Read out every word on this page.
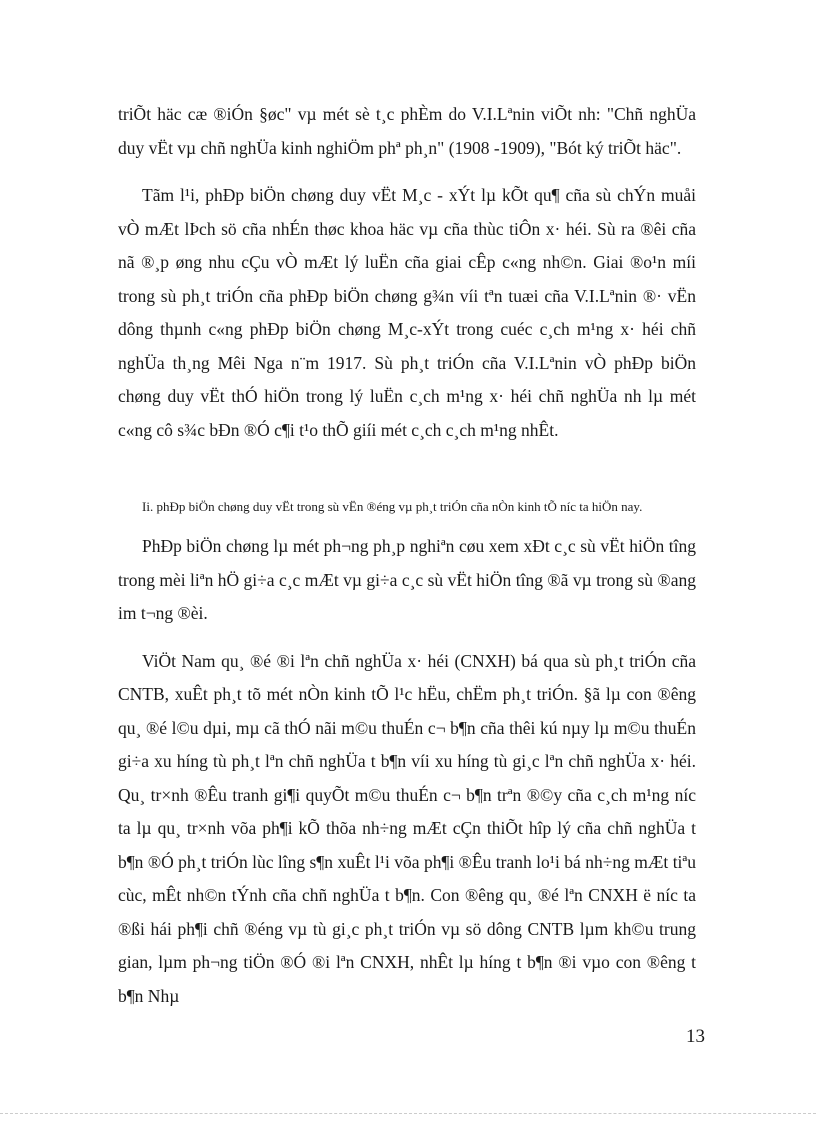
triÕt häc cæ ®iÓn §øc" vµ mét sè t¸c phÈm do V.I.Lªnin viÕt nh: "Chñ nghÜa duy vËt vµ chñ nghÜa kinh nghiÖm phª ph¸n" (1908 -1909), "Bót ký triÕt häc".

Tãm l¹i, phÐp biÖn chøng duy vËt M¸c - xÝt lµ kÕt qu¶ cña sù chÝn muåi vÒ mÆt lÞch sö cña nhÉn thøc khoa häc vµ cña thùc tiÔn x· héi. Sù ra ®êi cña nã ®¸p øng nhu cÇu vÒ mÆt lý luËn cña giai cÊp c«ng nh©n. Giai ®o¹n míi trong sù ph¸t triÓn cña phÐp biÖn chøng g¾n víi tªn tuæi cña V.I.Lªnin ®· vËn dông thµnh c«ng phÐp biÖn chøng M¸c-xÝt trong cuéc c¸ch m¹ng x· héi chñ nghÜa th¸ng Mêi Nga n¨m 1917. Sù ph¸t triÓn cña V.I.Lªnin vÒ phÐp biÖn chøng duy vËt thÓ hiÖn trong lý luËn c¸ch m¹ng x· héi chñ nghÜa nh lµ mét c«ng cô s¾c bÐn ®Ó c¶i t¹o thÕ giíi mét c¸ch c¸ch m¹ng nhÊt.

Ii. phÐp biÖn chøng duy vËt trong sù vËn ®éng vµ ph¸t triÓn cña nÒn kinh tÕ níc ta hiÖn nay.

PhÐp biÖn chøng lµ mét ph¬ng ph¸p nghiªn cøu xem xÐt c¸c sù vËt hiÖn tîng trong mèi liªn hÖ gi÷a c¸c mÆt vµ gi÷a c¸c sù vËt hiÖn tîng ®ã vµ trong sù ®ang im t¬ng ®èi.

ViÖt Nam qu¸ ®é ®i lªn chñ nghÜa x· héi (CNXH) bá qua sù ph¸t triÓn cña CNTB, xuÊt ph¸t tõ mét nÒn kinh tÕ l¹c hËu, chËm ph¸t triÓn. §ã lµ con ®êng qu¸ ®é l©u dµi, mµ cã thÓ nãi m©u thuÉn c¬ b¶n cña thêi kú nµy lµ m©u thuÉn gi÷a xu híng tù ph¸t lªn chñ nghÜa t b¶n víi xu híng tù gi¸c lªn chñ nghÜa x· héi. Qu¸ tr×nh ®Êu tranh gi¶i quyÕt m©u thuÉn c¬ b¶n trªn ®©y cña c¸ch m¹ng níc ta lµ qu¸ tr×nh võa ph¶i kÕ thõa nh÷ng mÆt cÇn thiÕt hîp lý cña chñ nghÜa t b¶n ®Ó ph¸t triÓn lùc lîng s¶n xuÊt l¹i võa ph¶i ®Êu tranh lo¹i bá nh÷ng mÆt tiªu cùc, mÊt nh©n tÝnh cña chñ nghÜa t b¶n. Con ®êng qu¸ ®é lªn CNXH ë níc ta ®ßi hái ph¶i chñ ®éng vµ tù gi¸c ph¸t triÓn vµ sö dông CNTB lµm kh©u trung gian, lµm ph¬ng tiÖn ®Ó ®i lªn CNXH, nhÊt lµ híng t b¶n ®i vµo con ®êng t b¶n Nhµ

13
